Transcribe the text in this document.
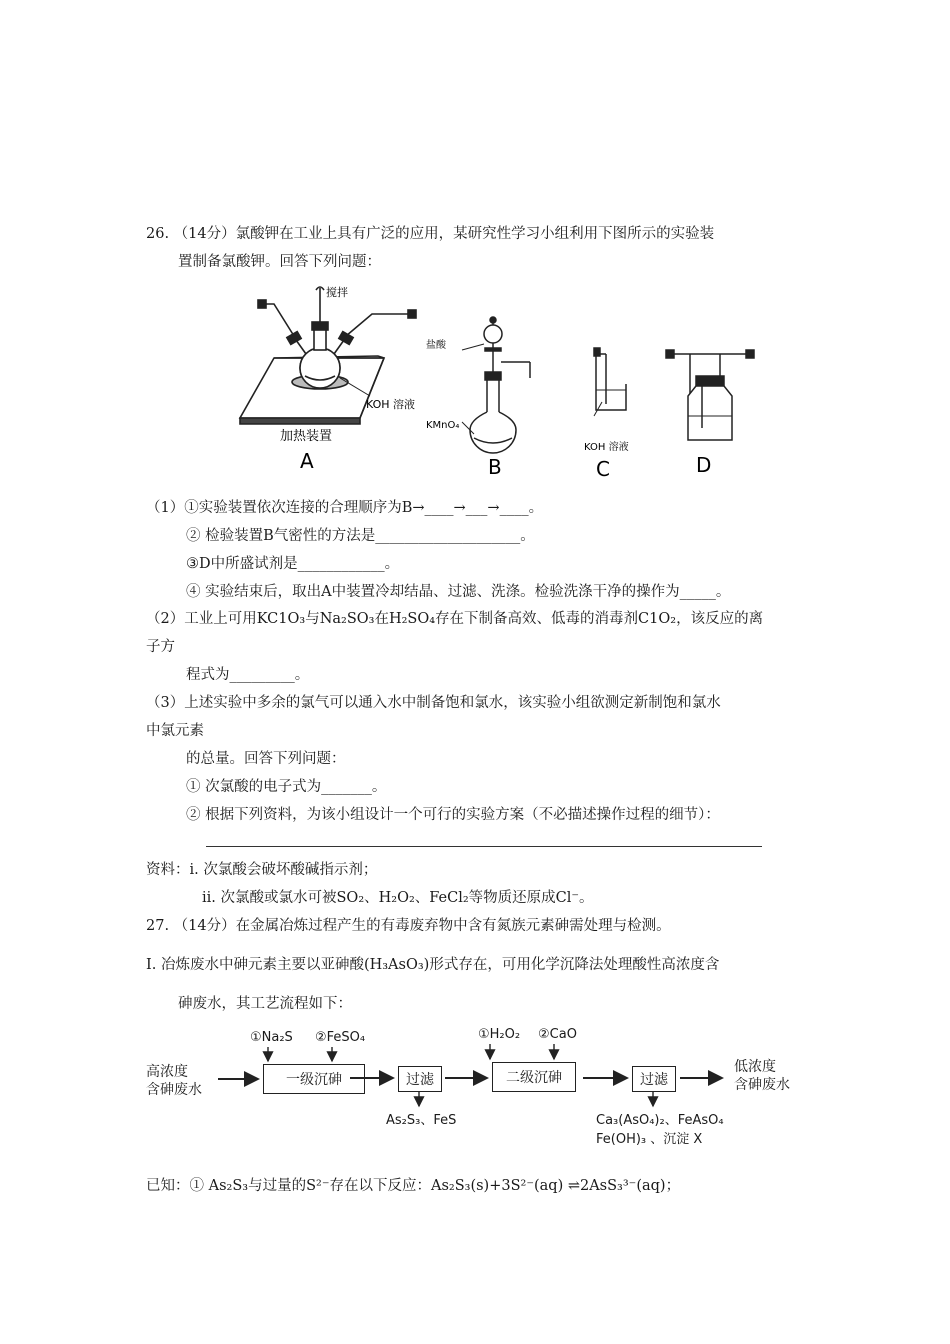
26. （14分）氯酸钾在工业上具有广泛的应用，某研究性学习小组利用下图所示的实验装
置制备氯酸钾。回答下列问题：
搅拌
KOH 溶液
加热装置
A
盐酸
KMnO₄
B
KOH 溶液
C	D
（1）①实验装置依次连接的合理顺序为B→____→___→____。
② 检验装置B气密性的方法是____________________。
③D中所盛试剂是____________。
④ 实验结束后，取出A中装置冷却结晶、过滤、洗涤。检验洗涤干净的操作为_____。
（2）工业上可用KC1O₃与Na₂SO₃在H₂SO₄存在下制备高效、低毒的消毒剂C1O₂，该反应的离
子方
程式为_________。
（3）上述实验中多余的氯气可以通入水中制备饱和氯水，该实验小组欲测定新制饱和氯水
中氯元素
的总量。回答下列问题：
① 次氯酸的电子式为_______。
② 根据下列资料，为该小组设计一个可行的实验方案（不必描述操作过程的细节）：
资料：ⅰ. 次氯酸会破坏酸碱指示剂；
ⅱ. 次氯酸或氯水可被SO₂、H₂O₂、FeCl₂等物质还原成Cl⁻。
27. （14分）在金属冶炼过程产生的有毒废弃物中含有氮族元素砷需处理与检测。
I. 冶炼废水中砷元素主要以亚砷酸(H₃AsO₃)形式存在，可用化学沉降法处理酸性高浓度含
砷废水，其工艺流程如下：
高浓度
含砷废水
①Na₂S ②FeSO₄
一级沉砷	过滤
As₂S₃、FeS
①H₂O₂ ②CaO
二级沉砷	过滤
Ca₃(AsO₄)₂、FeAsO₄
Fe(OH)₃ 、沉淀 X
低浓度
含砷废水
已知：① As₂S₃与过量的S²⁻存在以下反应：As₂S₃(s)+3S²⁻(aq) ⇌2AsS₃³⁻(aq)；
